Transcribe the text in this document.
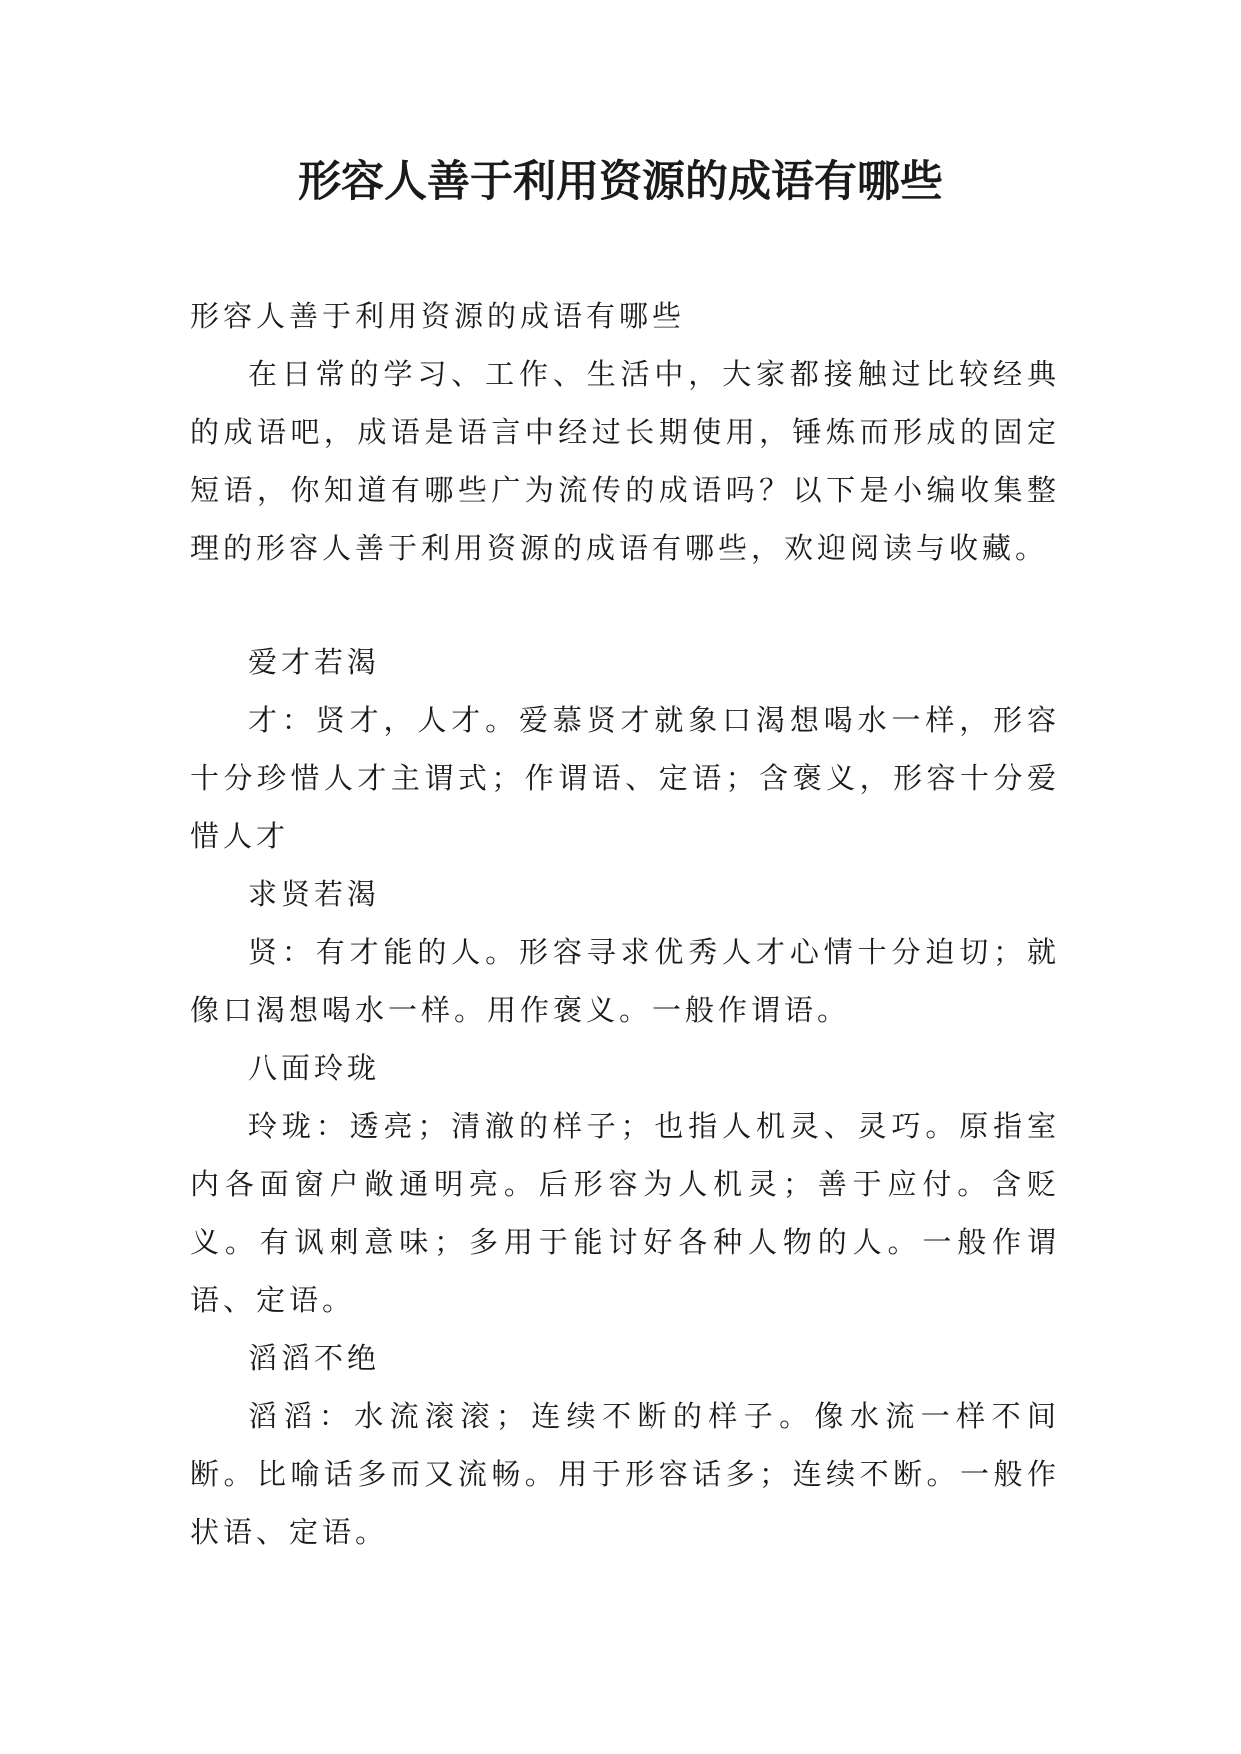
形容人善于利用资源的成语有哪些

形容人善于利用资源的成语有哪些

在日常的学习、工作、生活中，大家都接触过比较经典的成语吧，成语是语言中经过长期使用，锤炼而形成的固定短语，你知道有哪些广为流传的成语吗？以下是小编收集整理的形容人善于利用资源的成语有哪些，欢迎阅读与收藏。

爱才若渴

才：贤才，人才。爱慕贤才就象口渴想喝水一样，形容十分珍惜人才主谓式；作谓语、定语；含褒义，形容十分爱惜人才

求贤若渴

贤：有才能的人。形容寻求优秀人才心情十分迫切；就像口渴想喝水一样。用作褒义。一般作谓语。

八面玲珑

玲珑：透亮；清澈的样子；也指人机灵、灵巧。原指室内各面窗户敞通明亮。后形容为人机灵；善于应付。含贬义。有讽刺意味；多用于能讨好各种人物的人。一般作谓语、定语。

滔滔不绝

滔滔：水流滚滚；连续不断的样子。像水流一样不间断。比喻话多而又流畅。用于形容话多；连续不断。一般作状语、定语。
